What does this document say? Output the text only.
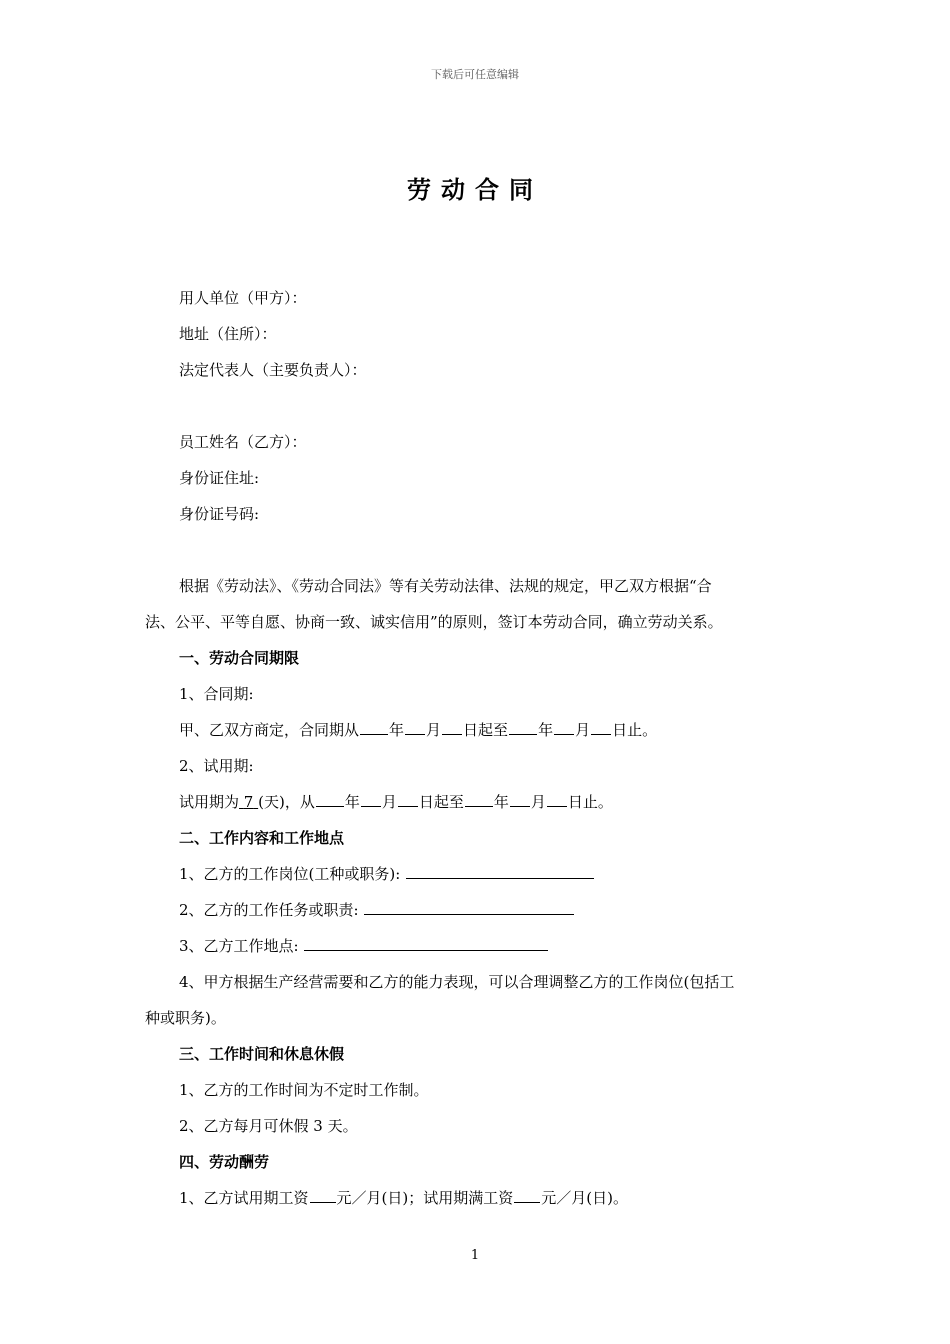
下载后可任意编辑
劳动合同
用人单位（甲方）：
地址（住所）：
法定代表人（主要负责人）：
员工姓名（乙方）：
身份证住址:
身份证号码:
根据《劳动法》、《劳动合同法》等有关劳动法律、法规的规定，甲乙双方根据“合
法、公平、平等自愿、协商一致、诚实信用”的原则，签订本劳动合同，确立劳动关系。
一、劳动合同期限
1、合同期:
甲、乙双方商定，合同期从 年 月 日起至 年 月 日止。
2、试用期:
试用期为 7 (天)，从 年 月 日起至 年 月 日止。
二、工作内容和工作地点
1、乙方的工作岗位(工种或职务):
2、乙方的工作任务或职责:
3、乙方工作地点:
4、甲方根据生产经营需要和乙方的能力表现，可以合理调整乙方的工作岗位(包括工
种或职务)。
三、工作时间和休息休假
1、乙方的工作时间为不定时工作制。
2、乙方每月可休假 3 天。
四、劳动酬劳
1、乙方试用期工资 元／月(日)；试用期满工资 元／月(日)。
1
